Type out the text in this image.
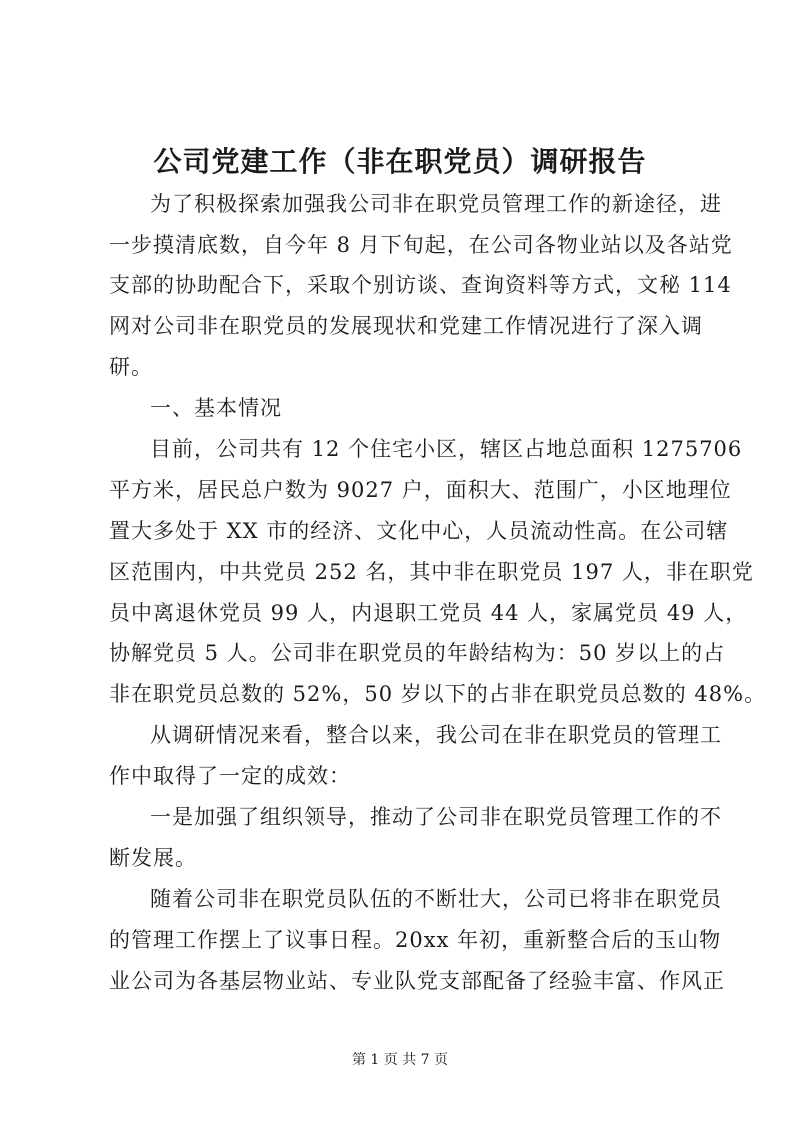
公司党建工作（非在职党员）调研报告
为了积极探索加强我公司非在职党员管理工作的新途径，进
一步摸清底数，自今年 8 月下旬起，在公司各物业站以及各站党
支部的协助配合下，采取个别访谈、查询资料等方式，文秘 114
网对公司非在职党员的发展现状和党建工作情况进行了深入调
研。
一、基本情况
目前，公司共有 12 个住宅小区，辖区占地总面积 1275706
平方米，居民总户数为 9027 户，面积大、范围广，小区地理位
置大多处于 XX 市的经济、文化中心，人员流动性高。在公司辖
区范围内，中共党员 252 名，其中非在职党员 197 人，非在职党
员中离退休党员 99 人，内退职工党员 44 人，家属党员 49 人，
协解党员 5 人。公司非在职党员的年龄结构为：50 岁以上的占
非在职党员总数的 52%，50 岁以下的占非在职党员总数的 48%。
从调研情况来看，整合以来，我公司在非在职党员的管理工
作中取得了一定的成效：
一是加强了组织领导，推动了公司非在职党员管理工作的不
断发展。
随着公司非在职党员队伍的不断壮大，公司已将非在职党员
的管理工作摆上了议事日程。20xx 年初，重新整合后的玉山物
业公司为各基层物业站、专业队党支部配备了经验丰富、作风正
第 1 页 共 7 页
